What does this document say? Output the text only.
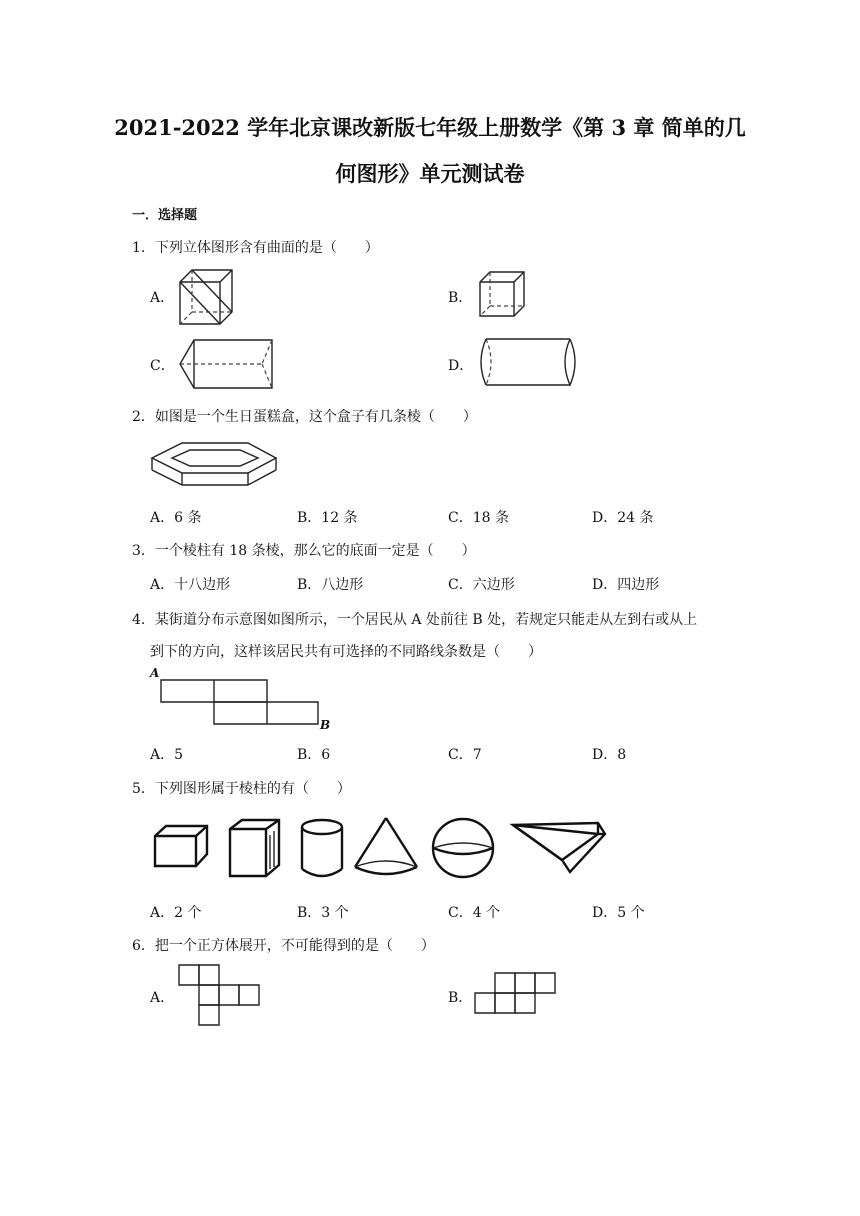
2021-2022 学年北京课改新版七年级上册数学《第 3 章 简单的几
何图形》单元测试卷
一．选择题
1．下列立体图形含有曲面的是（　　）
A．	B．
C．	D．
2．如图是一个生日蛋糕盒，这个盒子有几条棱（　　）
A．6 条	B．12 条	C．18 条	D．24 条
3．一个棱柱有 18 条棱，那么它的底面一定是（　　）
A．十八边形	B．八边形	C．六边形	D．四边形
4．某街道分布示意图如图所示，一个居民从 A 处前往 B 处，若规定只能走从左到右或从上
到下的方向，这样该居民共有可选择的不同路线条数是（　　）
A
B
A．5	B．6	C．7	D．8
5．下列图形属于棱柱的有（　　）
A．2 个	B．3 个	C．4 个	D．5 个
6．把一个正方体展开，不可能得到的是（　　）
A．	B．
